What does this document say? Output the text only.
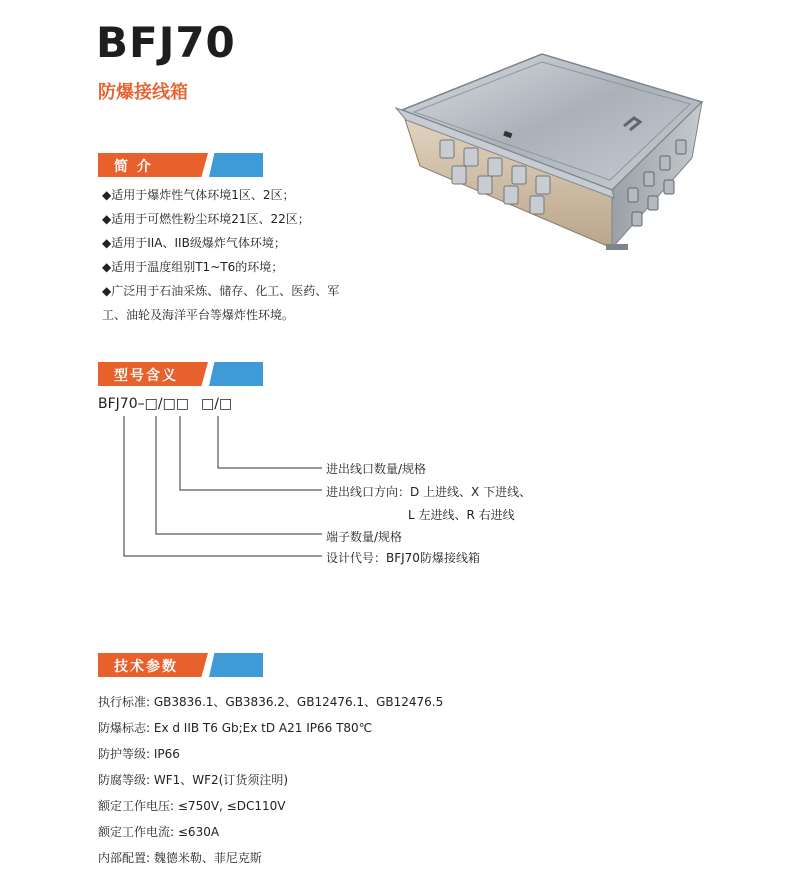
BFJ70
防爆接线箱
简 介
◆适用于爆炸性气体环境1区、2区；
◆适用于可燃性粉尘环境21区、22区；
◆适用于IIA、IIB级爆炸气体环境；
◆适用于温度组别T1~T6的环境；
◆广泛用于石油采炼、储存、化工、医药、军
工、油轮及海洋平台等爆炸性环境。
型号含义
BFJ70–□/□□ □/□
进出线口数量/规格
进出线口方向：D 上进线、X 下进线、
L 左进线、R 右进线
端子数量/规格
设计代号：BFJ70防爆接线箱
技术参数
执行标准: GB3836.1、GB3836.2、GB12476.1、GB12476.5
防爆标志: Ex d IIB T6 Gb;Ex tD A21 IP66 T80℃
防护等级: IP66
防腐等级: WF1、WF2(订货须注明)
额定工作电压: ≤750V, ≤DC110V
额定工作电流: ≤630A
内部配置: 魏德米勒、菲尼克斯
